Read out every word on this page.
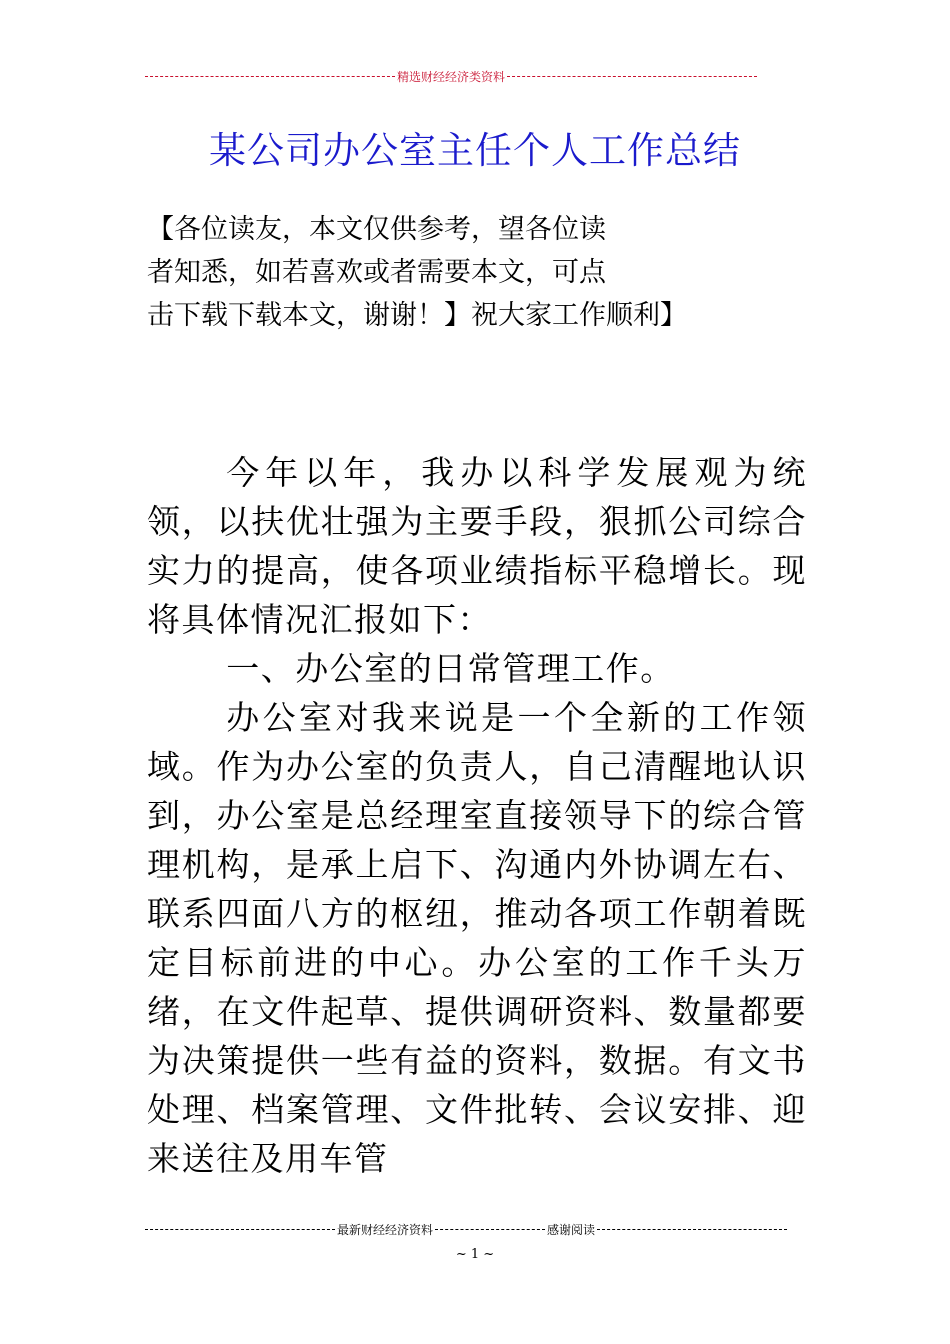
精选财经经济类资料
某公司办公室主任个人工作总结
【各位读友，本文仅供参考，望各位读
者知悉，如若喜欢或者需要本文，可点
击下载下载本文，谢谢！】祝大家工作顺利】

今年以年，我办以科学发展观为统领，以扶优壮强为主要手段，狠抓公司综合实力的提高，使各项业绩指标平稳增长。现将具体情况汇报如下：

一、办公室的日常管理工作。

办公室对我来说是一个全新的工作领域。作为办公室的负责人，自己清醒地认识到，办公室是总经理室直接领导下的综合管理机构，是承上启下、沟通内外协调左右、联系四面八方的枢纽，推动各项工作朝着既定目标前进的中心。办公室的工作千头万绪，在文件起草、提供调研资料、数量都要为决策提供一些有益的资料，数据。有文书处理、档案管理、文件批转、会议安排、迎来送往及用车管

最新财经经济资料	感谢阅读
~ 1 ~
